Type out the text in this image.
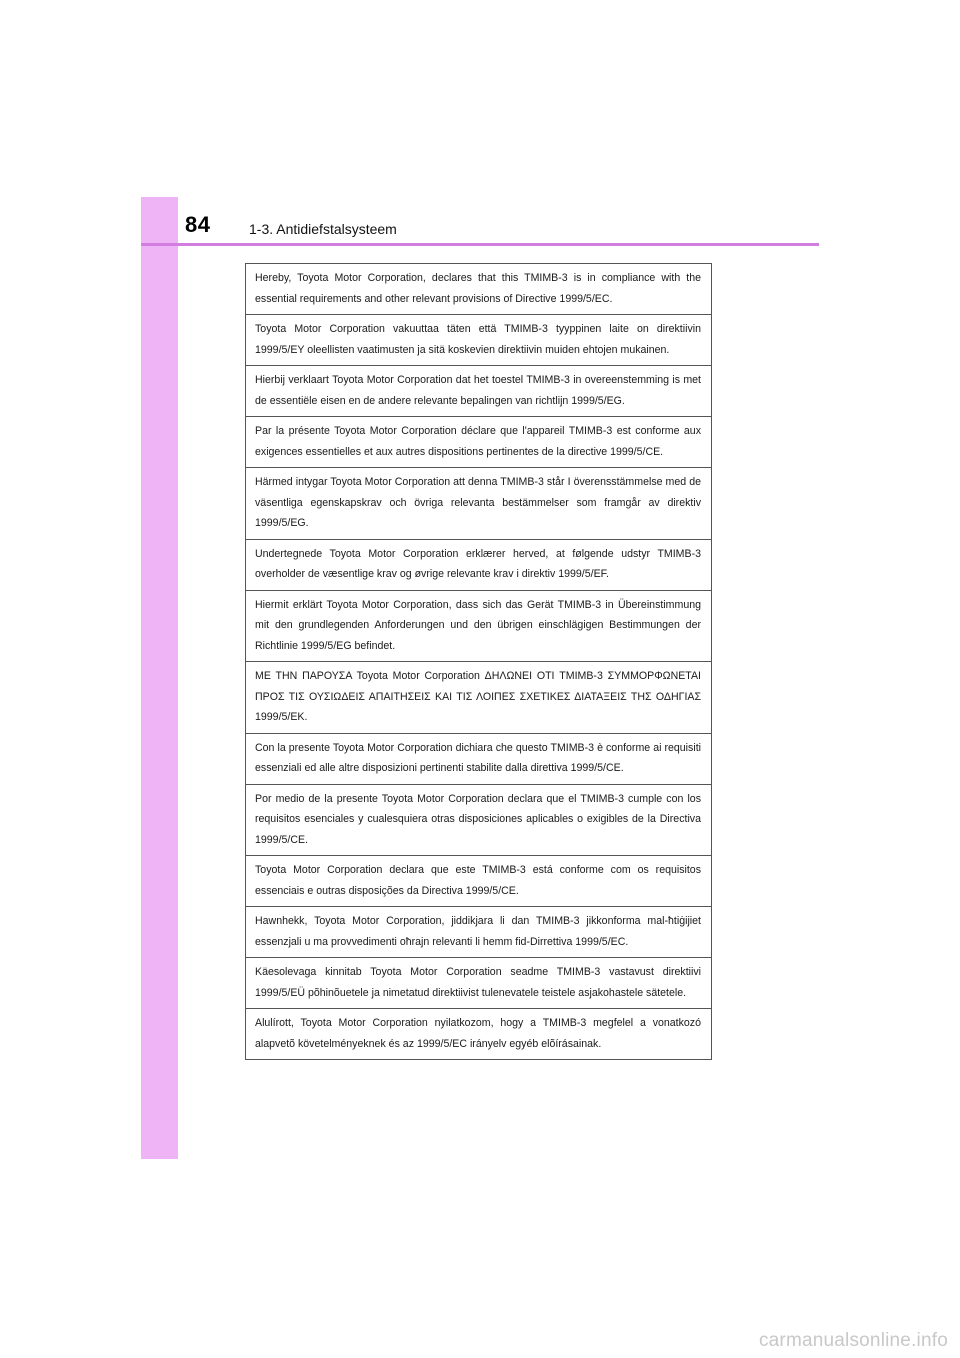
84	1-3. Antidiefstalsysteem
Hereby, Toyota Motor Corporation, declares that this TMIMB-3 is in compliance with the essential requirements and other relevant provisions of Directive 1999/5/EC.
Toyota Motor Corporation vakuuttaa täten että TMIMB-3 tyyppinen laite on direktiivin 1999/5/EY oleellisten vaatimusten ja sitä koskevien direktiivin muiden ehtojen mukainen.
Hierbij verklaart Toyota Motor Corporation dat het toestel TMIMB-3 in overeenstemming is met de essentiële eisen en de andere relevante bepalingen van richtlijn 1999/5/EG.
Par la présente Toyota Motor Corporation déclare que l'appareil TMIMB-3 est conforme aux exigences essentielles et aux autres dispositions pertinentes de la directive 1999/5/CE.
Härmed intygar Toyota Motor Corporation att denna TMIMB-3 står I överensstämmelse med de väsentliga egenskapskrav och övriga relevanta bestämmelser som framgår av direktiv 1999/5/EG.
Undertegnede Toyota Motor Corporation erklærer herved, at følgende udstyr TMIMB-3 overholder de væsentlige krav og øvrige relevante krav i direktiv 1999/5/EF.
Hiermit erklärt Toyota Motor Corporation, dass sich das Gerät TMIMB-3 in Übereinstimmung mit den grundlegenden Anforderungen und den übrigen einschlägigen Bestimmungen der Richtlinie 1999/5/EG befindet.
ΜΕ ΤΗΝ ΠΑΡΟΥΣΑ Toyota Motor Corporation ΔΗΛΩΝΕΙ ΟΤΙ TMIMB-3 ΣΥΜΜΟΡΦΩΝΕΤΑΙ ΠΡΟΣ ΤΙΣ ΟΥΣΙΩΔΕΙΣ ΑΠΑΙΤΗΣΕΙΣ ΚΑΙ ΤΙΣ ΛΟΙΠΕΣ ΣΧΕΤΙΚΕΣ ΔΙΑΤΑΞΕΙΣ ΤΗΣ ΟΔΗΓΙΑΣ 1999/5/ΕΚ.
Con la presente Toyota Motor Corporation dichiara che questo TMIMB-3 è conforme ai requisiti essenziali ed alle altre disposizioni pertinenti stabilite dalla direttiva 1999/5/CE.
Por medio de la presente Toyota Motor Corporation declara que el TMIMB-3 cumple con los requisitos esenciales y cualesquiera otras disposiciones aplicables o exigibles de la Directiva 1999/5/CE.
Toyota Motor Corporation declara que este TMIMB-3 está conforme com os requisitos essenciais e outras disposições da Directiva 1999/5/CE.
Hawnhekk, Toyota Motor Corporation, jiddikjara li dan TMIMB-3 jikkonforma mal-ħtiġijiet essenzjali u ma provvedimenti oħrajn relevanti li hemm fid-Dirrettiva 1999/5/EC.
Käesolevaga kinnitab Toyota Motor Corporation seadme TMIMB-3 vastavust direktiivi 1999/5/EÜ põhinõuetele ja nimetatud direktiivist tulenevatele teistele asjakohastele sätetele.
Alulírott, Toyota Motor Corporation nyilatkozom, hogy a TMIMB-3 megfelel a vonatkozó alapvetõ követelményeknek és az 1999/5/EC irányelv egyéb elõírásainak.
carmanualsonline.info
